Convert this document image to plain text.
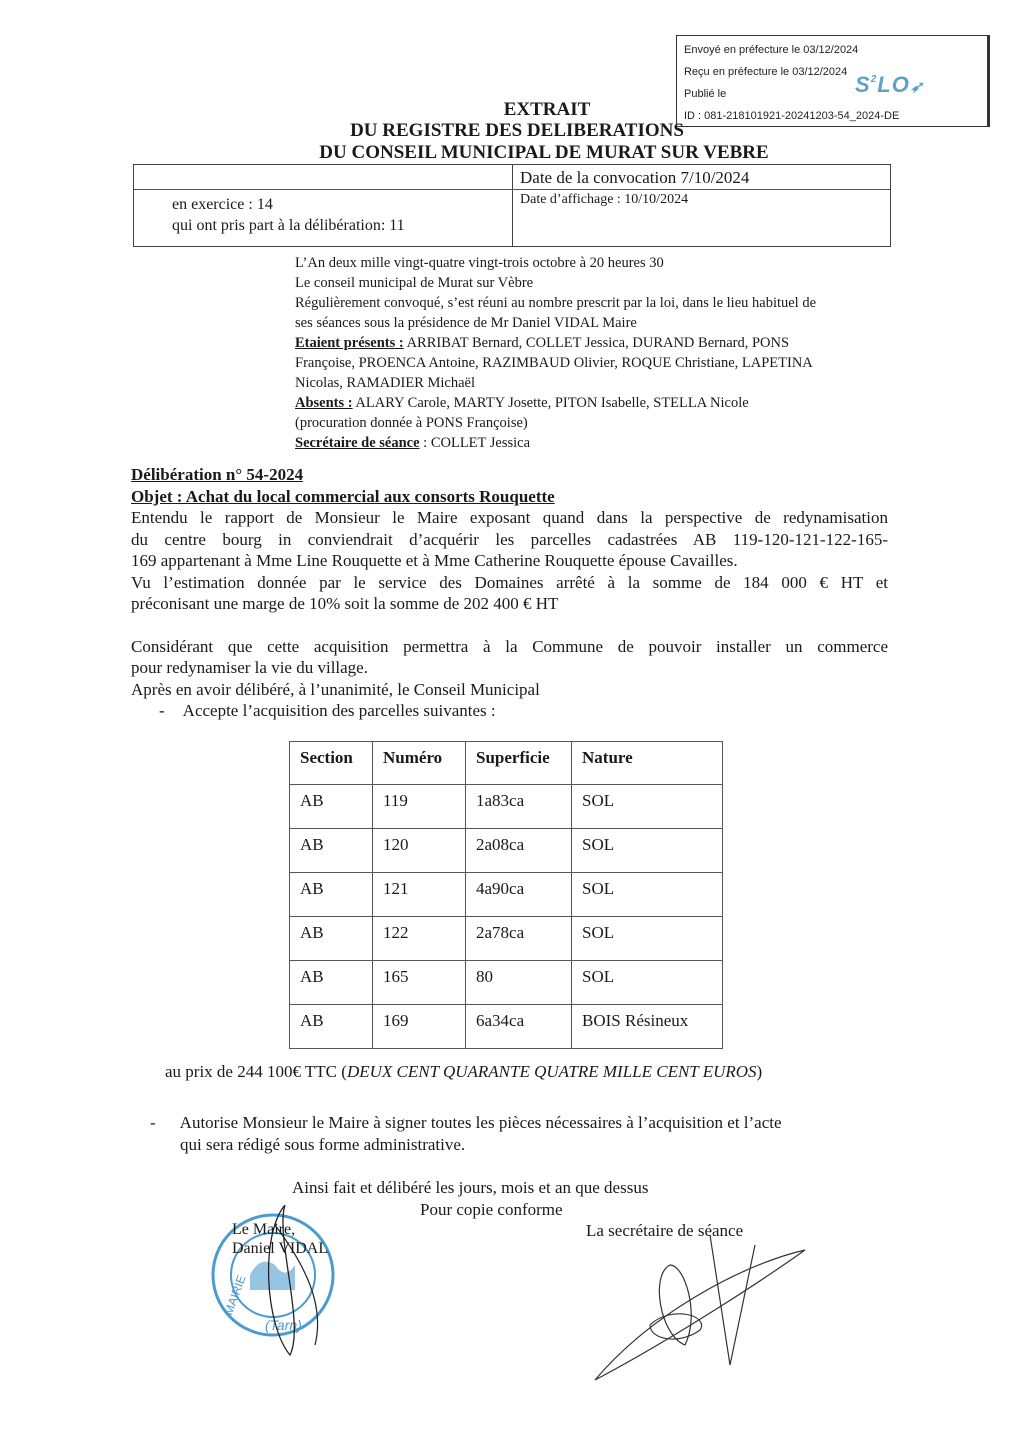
Envoyé en préfecture le 03/12/2024
Reçu en préfecture le 03/12/2024
Publié le
ID : 081-218101921-20241203-54_2024-DE
$S^2LO➶$
EXTRAIT
DU REGISTRE DES DELIBERATIONS
DU CONSEIL MUNICIPAL DE MURAT SUR VEBRE
Date de la convocation 7/10/2024
Date d’affichage : 10/10/2024
en exercice : 14
qui ont pris part à la délibération: 11
L’An deux mille vingt-quatre vingt-trois octobre à 20 heures 30
Le conseil municipal de Murat sur Vèbre
Régulièrement convoqué, s’est réuni au nombre prescrit par la loi, dans le lieu habituel de
ses séances sous la présidence de Mr Daniel VIDAL Maire
Etaient présents : ARRIBAT Bernard, COLLET Jessica, DURAND Bernard, PONS
Françoise, PROENCA Antoine, RAZIMBAUD Olivier, ROQUE Christiane, LAPETINA
Nicolas, RAMADIER Michaël
Absents : ALARY Carole, MARTY Josette, PITON Isabelle, STELLA Nicole
(procuration donnée à PONS Françoise)
Secrétaire de séance : COLLET Jessica

Délibération n° 54-2024

Objet : Achat du local commercial aux consorts Rouquette

Entendu le rapport de Monsieur le Maire exposant quand dans la perspective de redynamisation

du centre bourg in conviendrait d’acquérir les parcelles cadastrées AB 119-120-121-122-165-

169 appartenant à Mme Line Rouquette et à Mme Catherine Rouquette épouse Cavailles.

Vu l’estimation donnée par le service des Domaines arrêté à la somme de 184 000 € HT et

préconisant une marge de 10% soit la somme de 202 400 € HT

Considérant que cette acquisition permettra à la Commune de pouvoir installer un commerce

pour redynamiser la vie du village.

Après en avoir délibéré, à l’unanimité, le Conseil Municipal

- Accepte l’acquisition des parcelles suivantes :

Section	Numéro	Superficie	Nature
AB	119	1a83ca	SOL
AB	120	2a08ca	SOL
AB	121	4a90ca	SOL
AB	122	2a78ca	SOL
AB	165	80	SOL
AB	169	6a34ca	BOIS Résineux
au prix de 244 100€ TTC (DEUX CENT QUARANTE QUATRE MILLE CENT EUROS)
- Autorise Monsieur le Maire à signer toutes les pièces nécessaires à l’acquisition et l’acte
qui sera rédigé sous forme administrative.
Ainsi fait et délibéré les jours, mois et an que dessus
Pour copie conforme
La secrétaire de séance
(Tarn)
MAIRIE
Le Maire,
Daniel VIDAL
